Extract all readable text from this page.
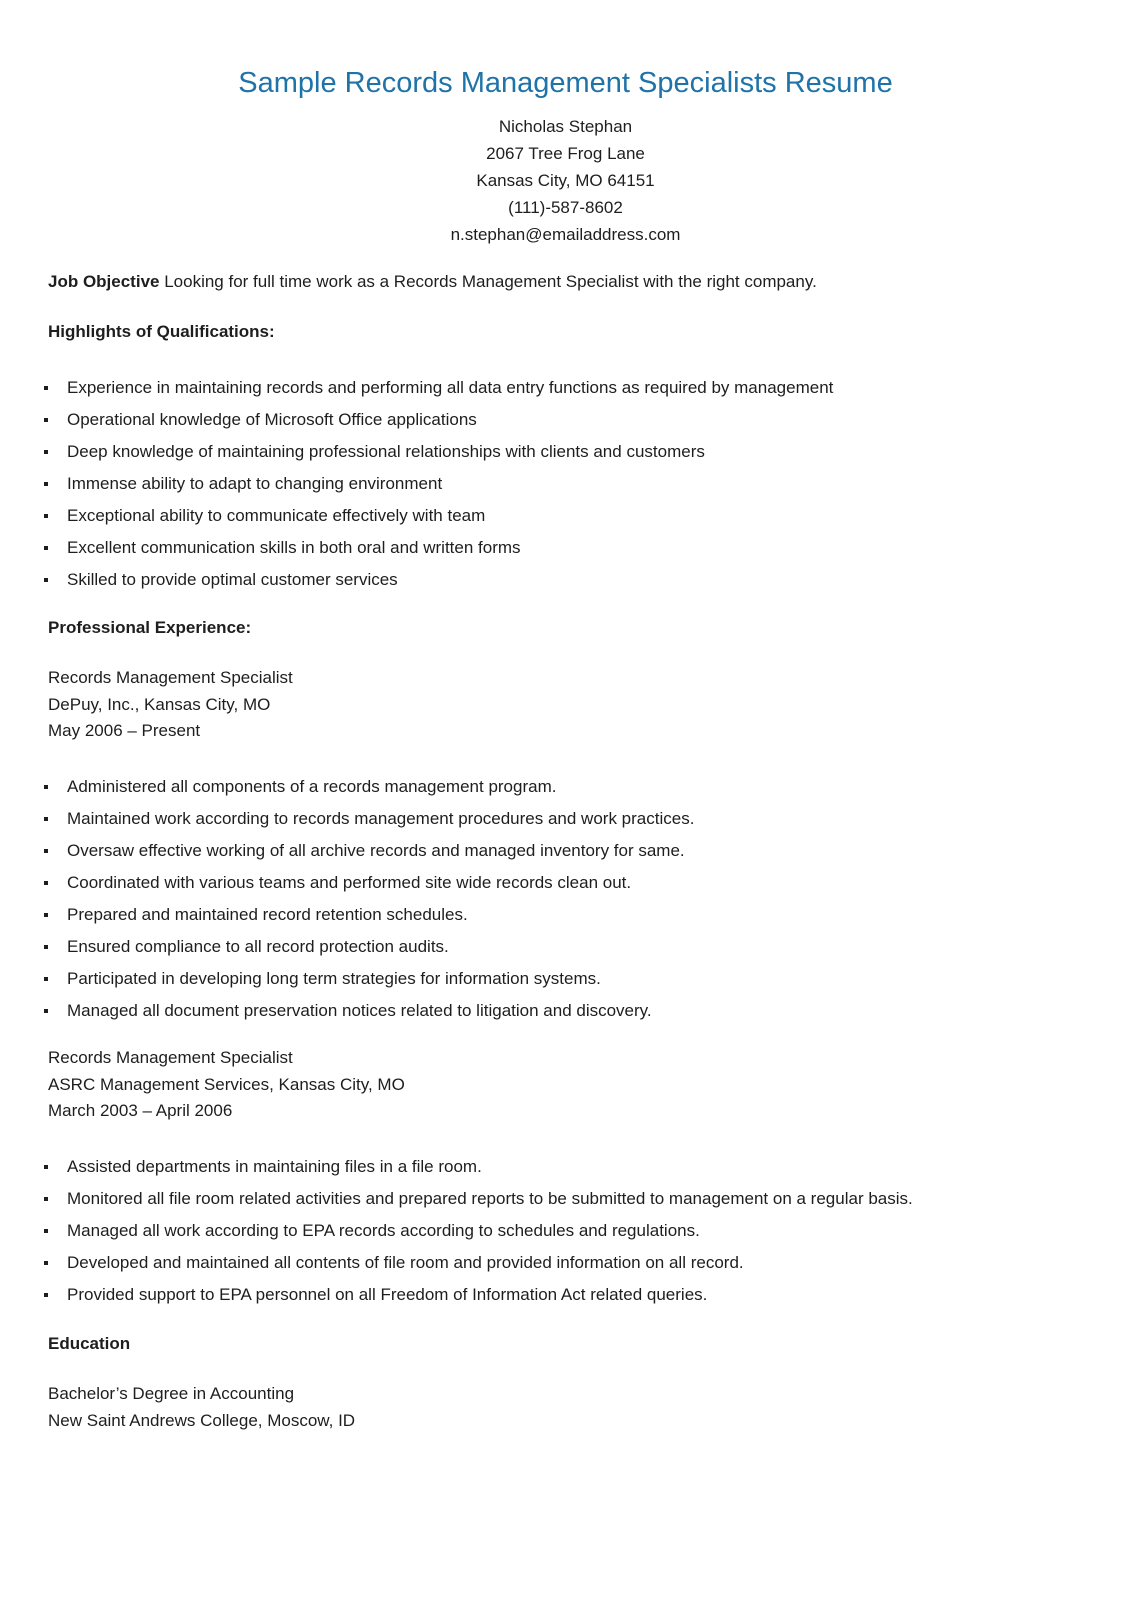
Sample Records Management Specialists Resume
Nicholas Stephan
2067 Tree Frog Lane
Kansas City, MO 64151
(111)-587-8602
n.stephan@emailaddress.com
Job Objective Looking for full time work as a Records Management Specialist with the right company.
Highlights of Qualifications:
Experience in maintaining records and performing all data entry functions as required by management
Operational knowledge of Microsoft Office applications
Deep knowledge of maintaining professional relationships with clients and customers
Immense ability to adapt to changing environment
Exceptional ability to communicate effectively with team
Excellent communication skills in both oral and written forms
Skilled to provide optimal customer services
Professional Experience:
Records Management Specialist
DePuy, Inc., Kansas City, MO
May 2006 – Present
Administered all components of a records management program.
Maintained work according to records management procedures and work practices.
Oversaw effective working of all archive records and managed inventory for same.
Coordinated with various teams and performed site wide records clean out.
Prepared and maintained record retention schedules.
Ensured compliance to all record protection audits.
Participated in developing long term strategies for information systems.
Managed all document preservation notices related to litigation and discovery.
Records Management Specialist
ASRC Management Services, Kansas City, MO
March 2003 – April 2006
Assisted departments in maintaining files in a file room.
Monitored all file room related activities and prepared reports to be submitted to management on a regular basis.
Managed all work according to EPA records according to schedules and regulations.
Developed and maintained all contents of file room and provided information on all record.
Provided support to EPA personnel on all Freedom of Information Act related queries.
Education
Bachelor’s Degree in Accounting
New Saint Andrews College, Moscow, ID
